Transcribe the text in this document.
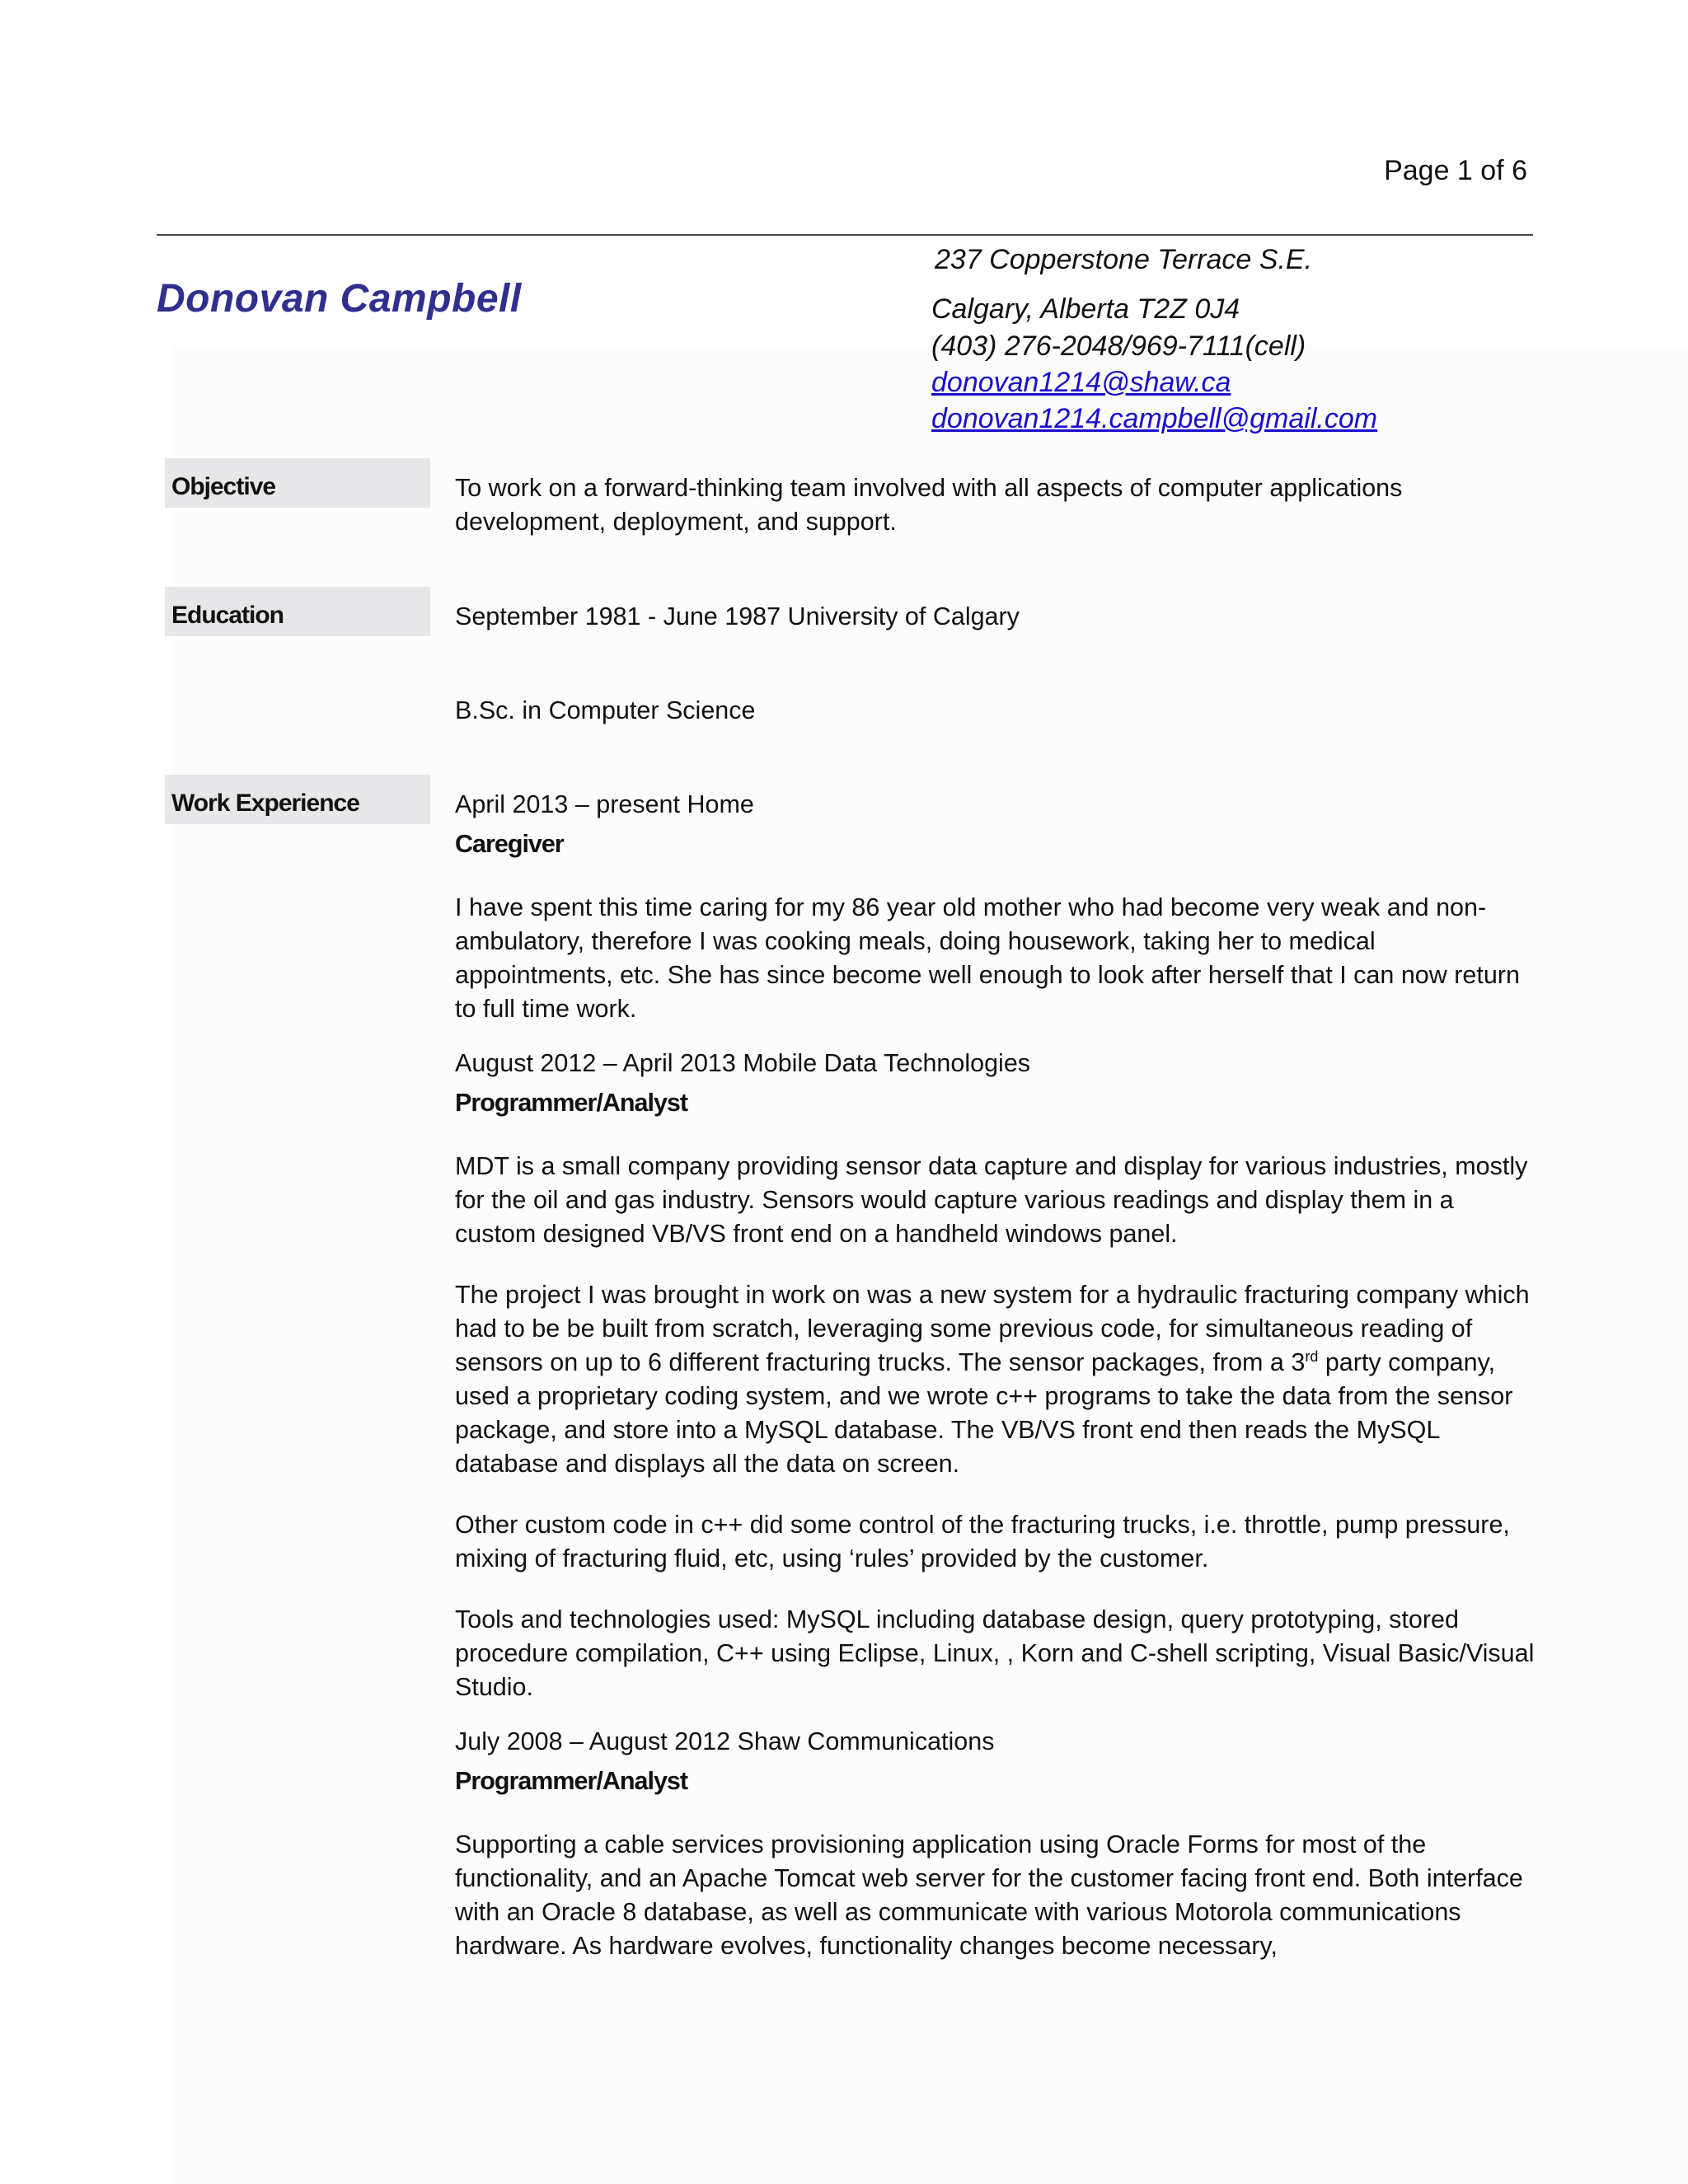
Page 1 of 6
Donovan Campbell
237 Copperstone Terrace S.E.
Calgary, Alberta T2Z 0J4
(403) 276-2048/969-7111(cell)
donovan1214@shaw.ca
donovan1214.campbell@gmail.com
Objective	To work on a forward-thinking team involved with all aspects of computer applications development, deployment, and support.

Education	September 1981 - June 1987 University of Calgary

B.Sc. in Computer Science

Work Experience	April 2013 – present Home

Caregiver

I have spent this time caring for my 86 year old mother who had become very weak and non-ambulatory, therefore I was cooking meals, doing housework, taking her to medical appointments, etc. She has since become well enough to look after herself that I can now return to full time work.

August 2012 – April 2013 Mobile Data Technologies

Programmer/Analyst

MDT is a small company providing sensor data capture and display for various industries, mostly for the oil and gas industry. Sensors would capture various readings and display them in a custom designed VB/VS front end on a handheld windows panel.

The project I was brought in work on was a new system for a hydraulic fracturing company which had to be be built from scratch, leveraging some previous code, for simultaneous reading of sensors on up to 6 different fracturing trucks. The sensor packages, from a 3rd party company, used a proprietary coding system, and we wrote c++ programs to take the data from the sensor package, and store into a MySQL database. The VB/VS front end then reads the MySQL database and displays all the data on screen.

Other custom code in c++ did some control of the fracturing trucks, i.e. throttle, pump pressure, mixing of fracturing fluid, etc, using ‘rules’ provided by the customer.

Tools and technologies used: MySQL including database design, query prototyping, stored procedure compilation, C++ using Eclipse, Linux, , Korn and C-shell scripting, Visual Basic/Visual Studio.

July 2008 – August 2012 Shaw Communications

Programmer/Analyst

Supporting a cable services provisioning application using Oracle Forms for most of the functionality, and an Apache Tomcat web server for the customer facing front end. Both interface with an Oracle 8 database, as well as communicate with various Motorola communications hardware. As hardware evolves, functionality changes become necessary,
